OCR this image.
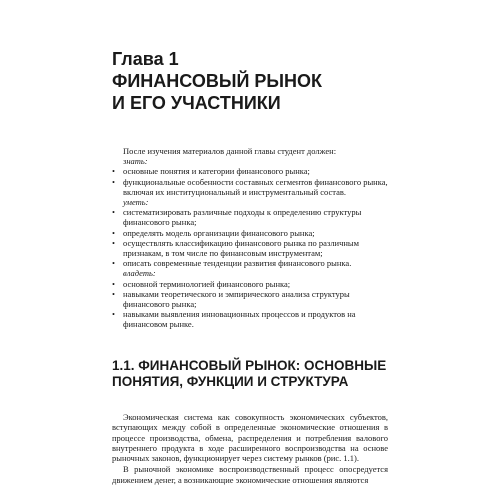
Глава 1
ФИНАНСОВЫЙ РЫНОК
И ЕГО УЧАСТНИКИ

После изучения материалов данной главы студент должен:

знать:

• основные понятия и категории финансового рынка;
• функциональные особенности составных сегментов финансового рынка, включая их институциональный и инструментальный состав.

уметь:

• систематизировать различные подходы к определению структуры финансового рынка;
• определять модель организации финансового рынка;
• осуществлять классификацию финансового рынка по различным признакам, в том числе по финансовым инструментам;
• описать современные тенденции развития финансового рынка.

владеть:

• основной терминологией финансового рынка;
• навыками теоретического и эмпирического анализа структуры финансового рынка;
• навыками выявления инновационных процессов и продуктов на финансовом рынке.
1.1. ФИНАНСОВЫЙ РЫНОК: ОСНОВНЫЕ
ПОНЯТИЯ, ФУНКЦИИ И СТРУКТУРА

Экономическая система как совокупность экономических субъектов, вступающих между собой в определенные экономические отношения в процессе производства, обмена, распределения и потребления валового внутреннего продукта в ходе расширенного воспроизводства на основе рыночных законов, функционирует через систему рынков (рис. 1.1).

В рыночной экономике воспроизводственный процесс опосредуется движением денег, а возникающие экономические отношения являются
